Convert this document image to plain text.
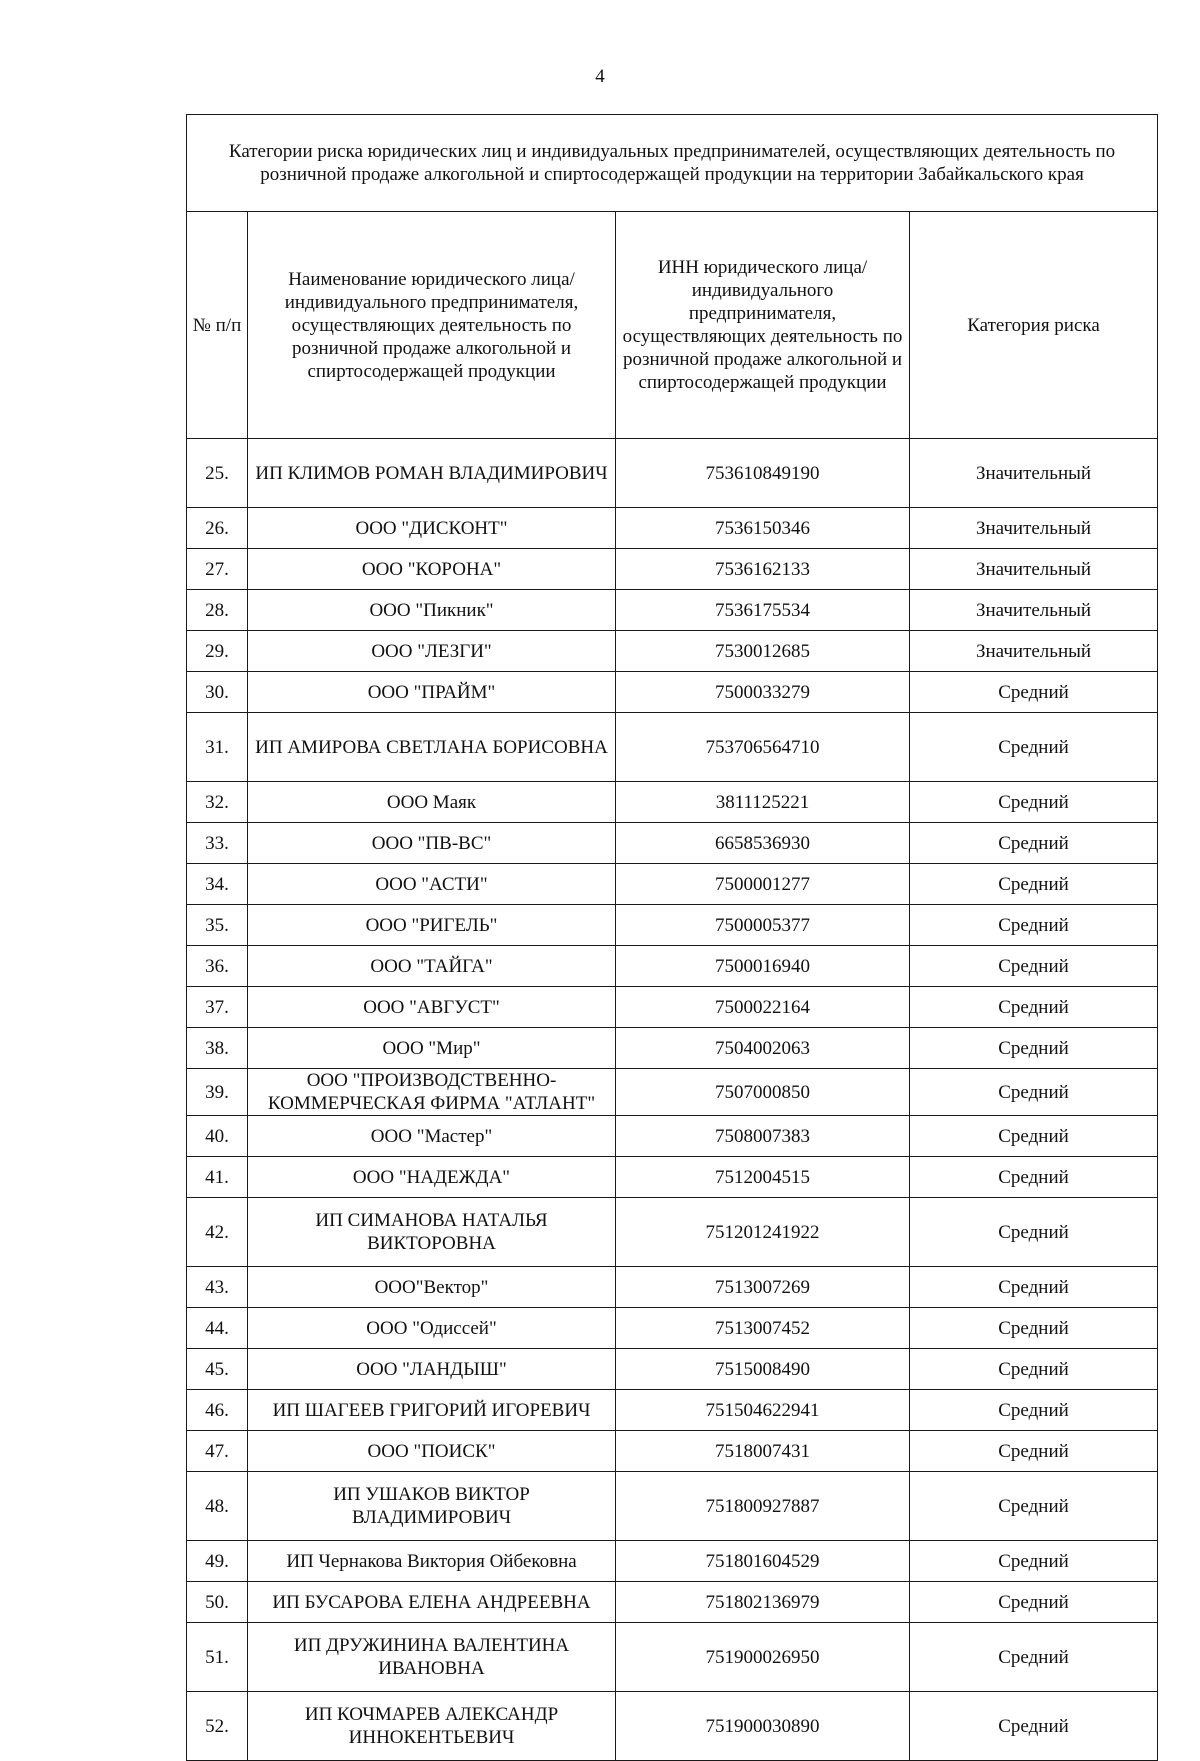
4
Категории риска юридических лиц и индивидуальных предпринимателей, осуществляющих деятельность по розничной продаже алкогольной и спиртосодержащей продукции на территории Забайкальского края			
№ п/п	Наименование юридического лица/индивидуального предпринимателя, осуществляющих деятельность по розничной продаже алкогольной и спиртосодержащей продукции	ИНН юридического лица/индивидуального предпринимателя, осуществляющих деятельность по розничной продаже алкогольной и спиртосодержащей продукции	Категория риска
25.	ИП КЛИМОВ РОМАН ВЛАДИМИРОВИЧ	753610849190	Значительный
26.	ООО "ДИСКОНТ"	7536150346	Значительный
27.	ООО "КОРОНА"	7536162133	Значительный
28.	ООО "Пикник"	7536175534	Значительный
29.	ООО "ЛЕЗГИ"	7530012685	Значительный
30.	ООО "ПРАЙМ"	7500033279	Средний
31.	ИП АМИРОВА СВЕТЛАНА БОРИСОВНА	753706564710	Средний
32.	ООО Маяк	3811125221	Средний
33.	ООО "ПВ-ВС"	6658536930	Средний
34.	ООО "АСТИ"	7500001277	Средний
35.	ООО "РИГЕЛЬ"	7500005377	Средний
36.	ООО "ТАЙГА"	7500016940	Средний
37.	ООО "АВГУСТ"	7500022164	Средний
38.	ООО "Мир"	7504002063	Средний
39.	ООО "ПРОИЗВОДСТВЕННО-КОММЕРЧЕСКАЯ ФИРМА "АТЛАНТ"	7507000850	Средний
40.	ООО "Мастер"	7508007383	Средний
41.	ООО "НАДЕЖДА"	7512004515	Средний
42.	ИП СИМАНОВА НАТАЛЬЯ ВИКТОРОВНА	751201241922	Средний
43.	ООО"Вектор"	7513007269	Средний
44.	ООО "Одиссей"	7513007452	Средний
45.	ООО "ЛАНДЫШ"	7515008490	Средний
46.	ИП ШАГЕЕВ ГРИГОРИЙ ИГОРЕВИЧ	751504622941	Средний
47.	ООО "ПОИСК"	7518007431	Средний
48.	ИП УШАКОВ ВИКТОР ВЛАДИМИРОВИЧ	751800927887	Средний
49.	ИП Чернакова Виктория Ойбековна	751801604529	Средний
50.	ИП БУСАРОВА ЕЛЕНА АНДРЕЕВНА	751802136979	Средний
51.	ИП ДРУЖИНИНА ВАЛЕНТИНА ИВАНОВНА	751900026950	Средний
52.	ИП КОЧМАРЕВ АЛЕКСАНДР ИННОКЕНТЬЕВИЧ	751900030890	Средний
